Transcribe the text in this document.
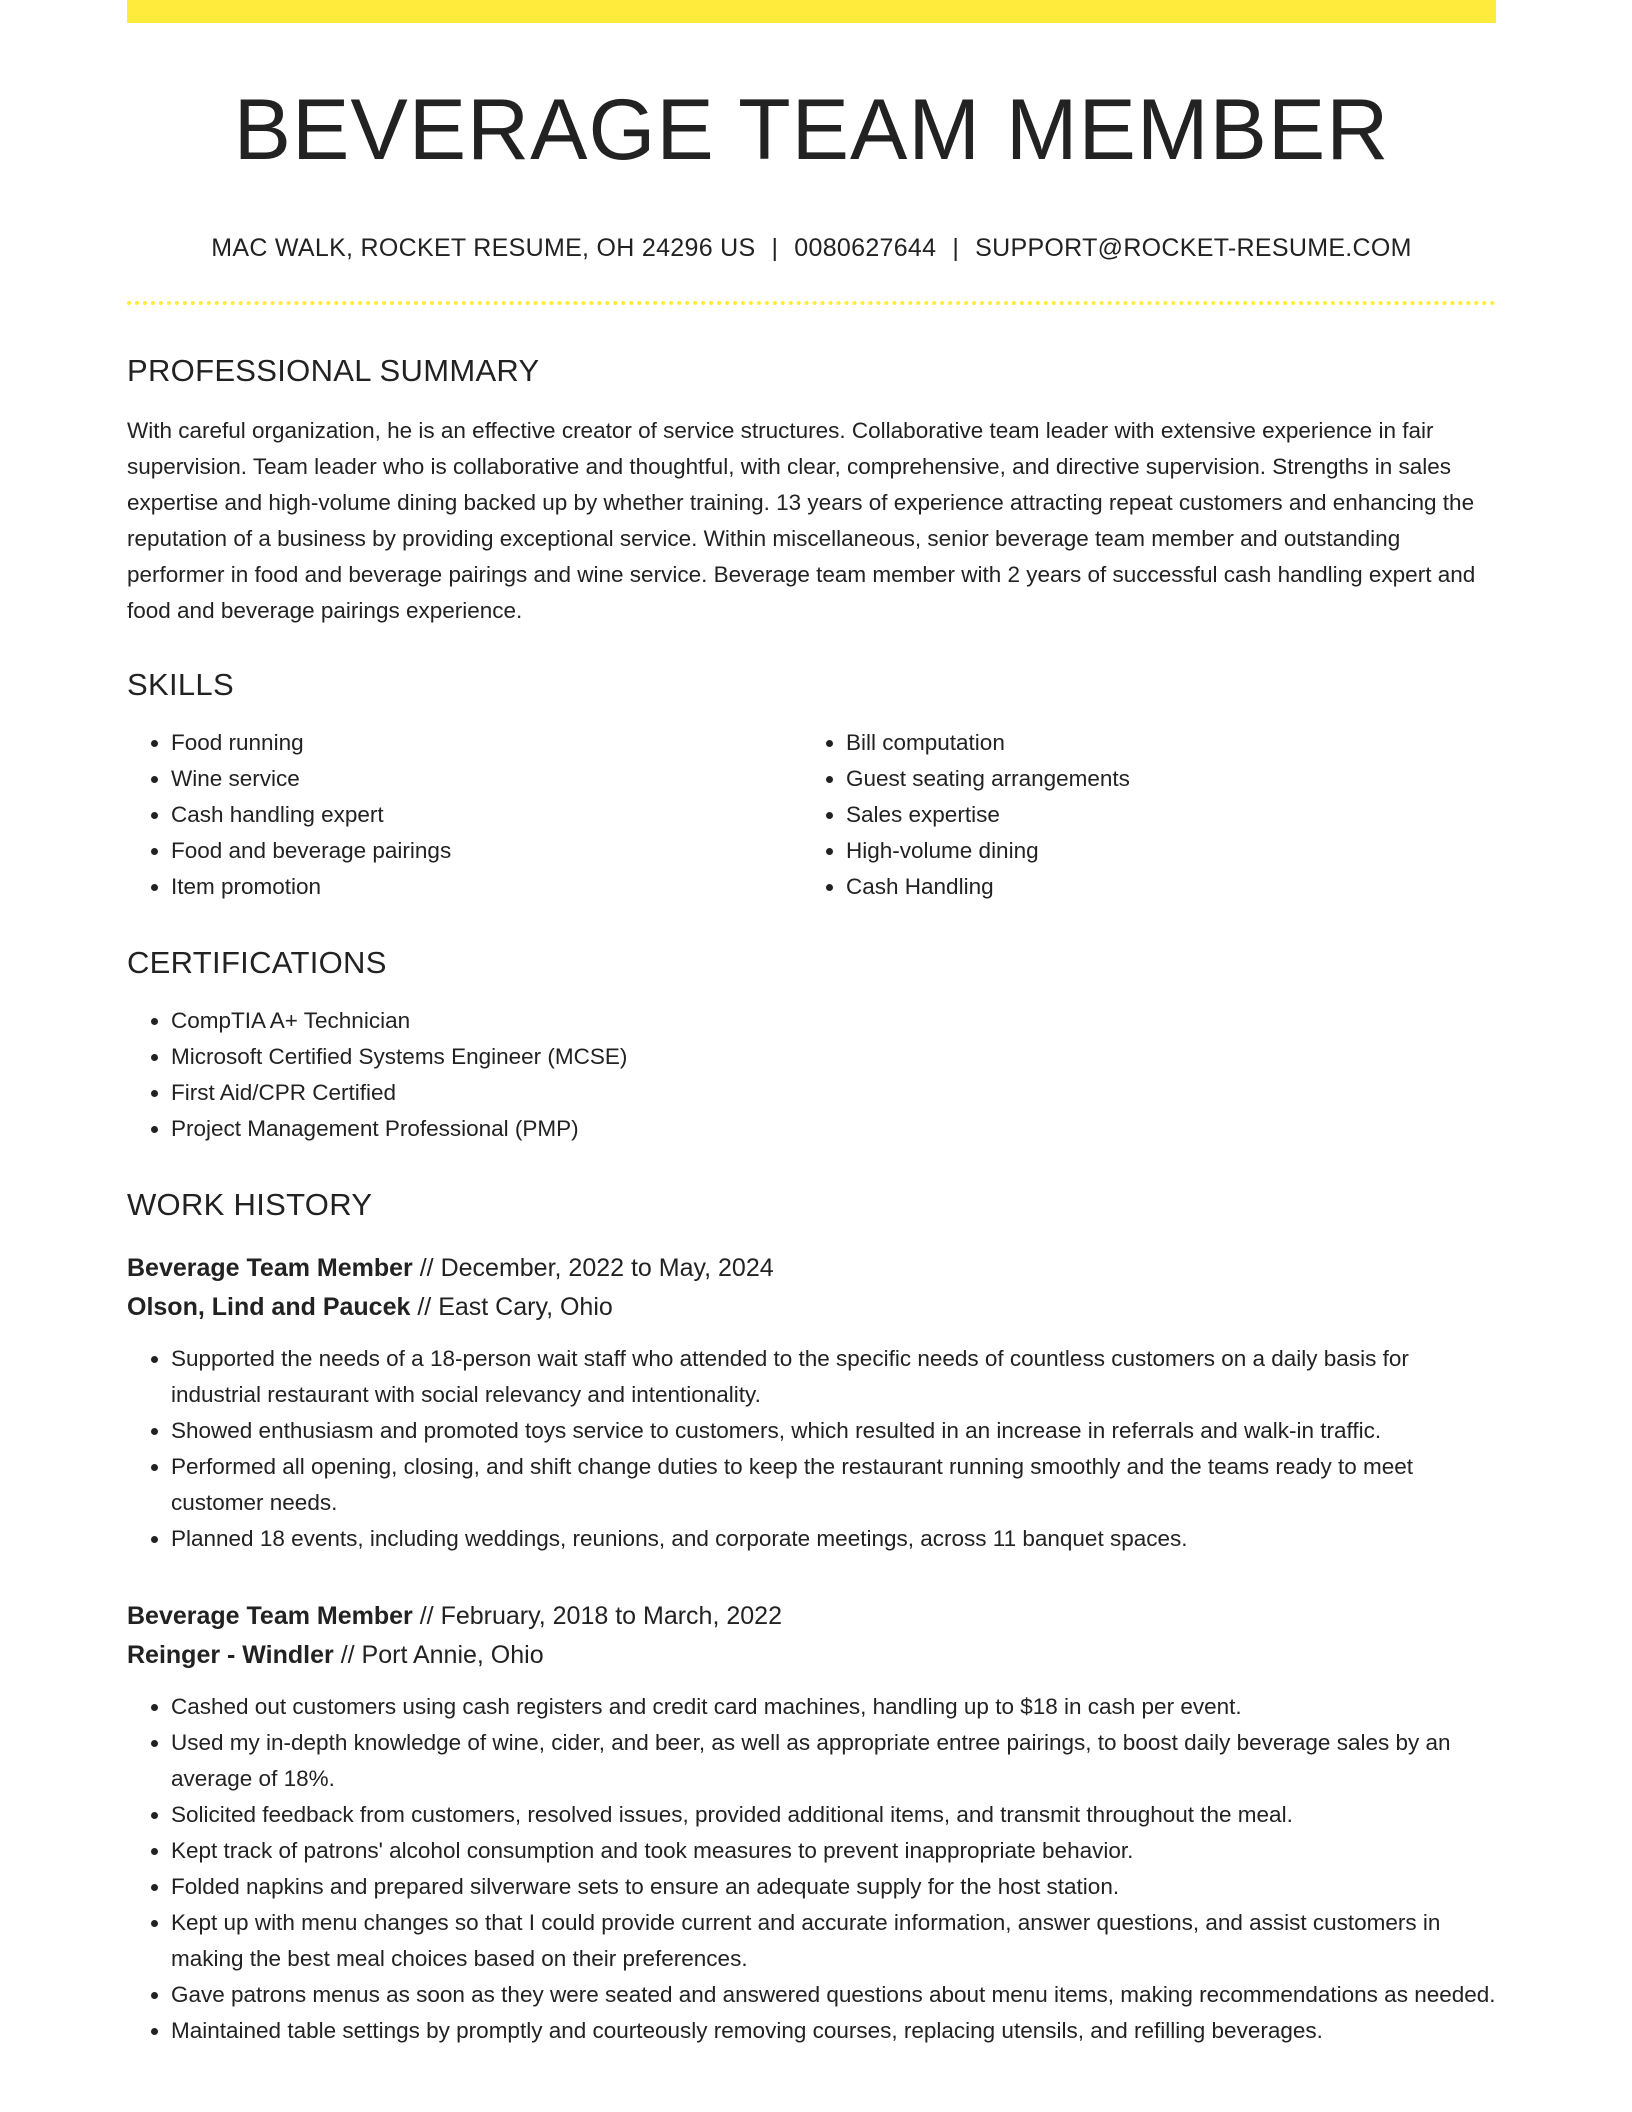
BEVERAGE TEAM MEMBER
MAC WALK, ROCKET RESUME, OH 24296 US | 0080627644 | SUPPORT@ROCKET-RESUME.COM
PROFESSIONAL SUMMARY

With careful organization, he is an effective creator of service structures. Collaborative team leader with extensive experience in fair supervision. Team leader who is collaborative and thoughtful, with clear, comprehensive, and directive supervision. Strengths in sales expertise and high-volume dining backed up by whether training. 13 years of experience attracting repeat customers and enhancing the reputation of a business by providing exceptional service. Within miscellaneous, senior beverage team member and outstanding performer in food and beverage pairings and wine service. Beverage team member with 2 years of successful cash handling expert and food and beverage pairings experience.

SKILLS
• Food running
• Wine service
• Cash handling expert
• Food and beverage pairings
• Item promotion
• Bill computation
• Guest seating arrangements
• Sales expertise
• High-volume dining
• Cash Handling
CERTIFICATIONS
• CompTIA A+ Technician
• Microsoft Certified Systems Engineer (MCSE)
• First Aid/CPR Certified
• Project Management Professional (PMP)
WORK HISTORY
Beverage Team Member // December, 2022 to May, 2024
Olson, Lind and Paucek // East Cary, Ohio
• Supported the needs of a 18-person wait staff who attended to the specific needs of countless customers on a daily basis for industrial restaurant with social relevancy and intentionality.
• Showed enthusiasm and promoted toys service to customers, which resulted in an increase in referrals and walk-in traffic.
• Performed all opening, closing, and shift change duties to keep the restaurant running smoothly and the teams ready to meet customer needs.
• Planned 18 events, including weddings, reunions, and corporate meetings, across 11 banquet spaces.
Beverage Team Member // February, 2018 to March, 2022
Reinger - Windler // Port Annie, Ohio
• Cashed out customers using cash registers and credit card machines, handling up to $18 in cash per event.
• Used my in-depth knowledge of wine, cider, and beer, as well as appropriate entree pairings, to boost daily beverage sales by an average of 18%.
• Solicited feedback from customers, resolved issues, provided additional items, and transmit throughout the meal.
• Kept track of patrons' alcohol consumption and took measures to prevent inappropriate behavior.
• Folded napkins and prepared silverware sets to ensure an adequate supply for the host station.
• Kept up with menu changes so that I could provide current and accurate information, answer questions, and assist customers in making the best meal choices based on their preferences.
• Gave patrons menus as soon as they were seated and answered questions about menu items, making recommendations as needed.
• Maintained table settings by promptly and courteously removing courses, replacing utensils, and refilling beverages.
